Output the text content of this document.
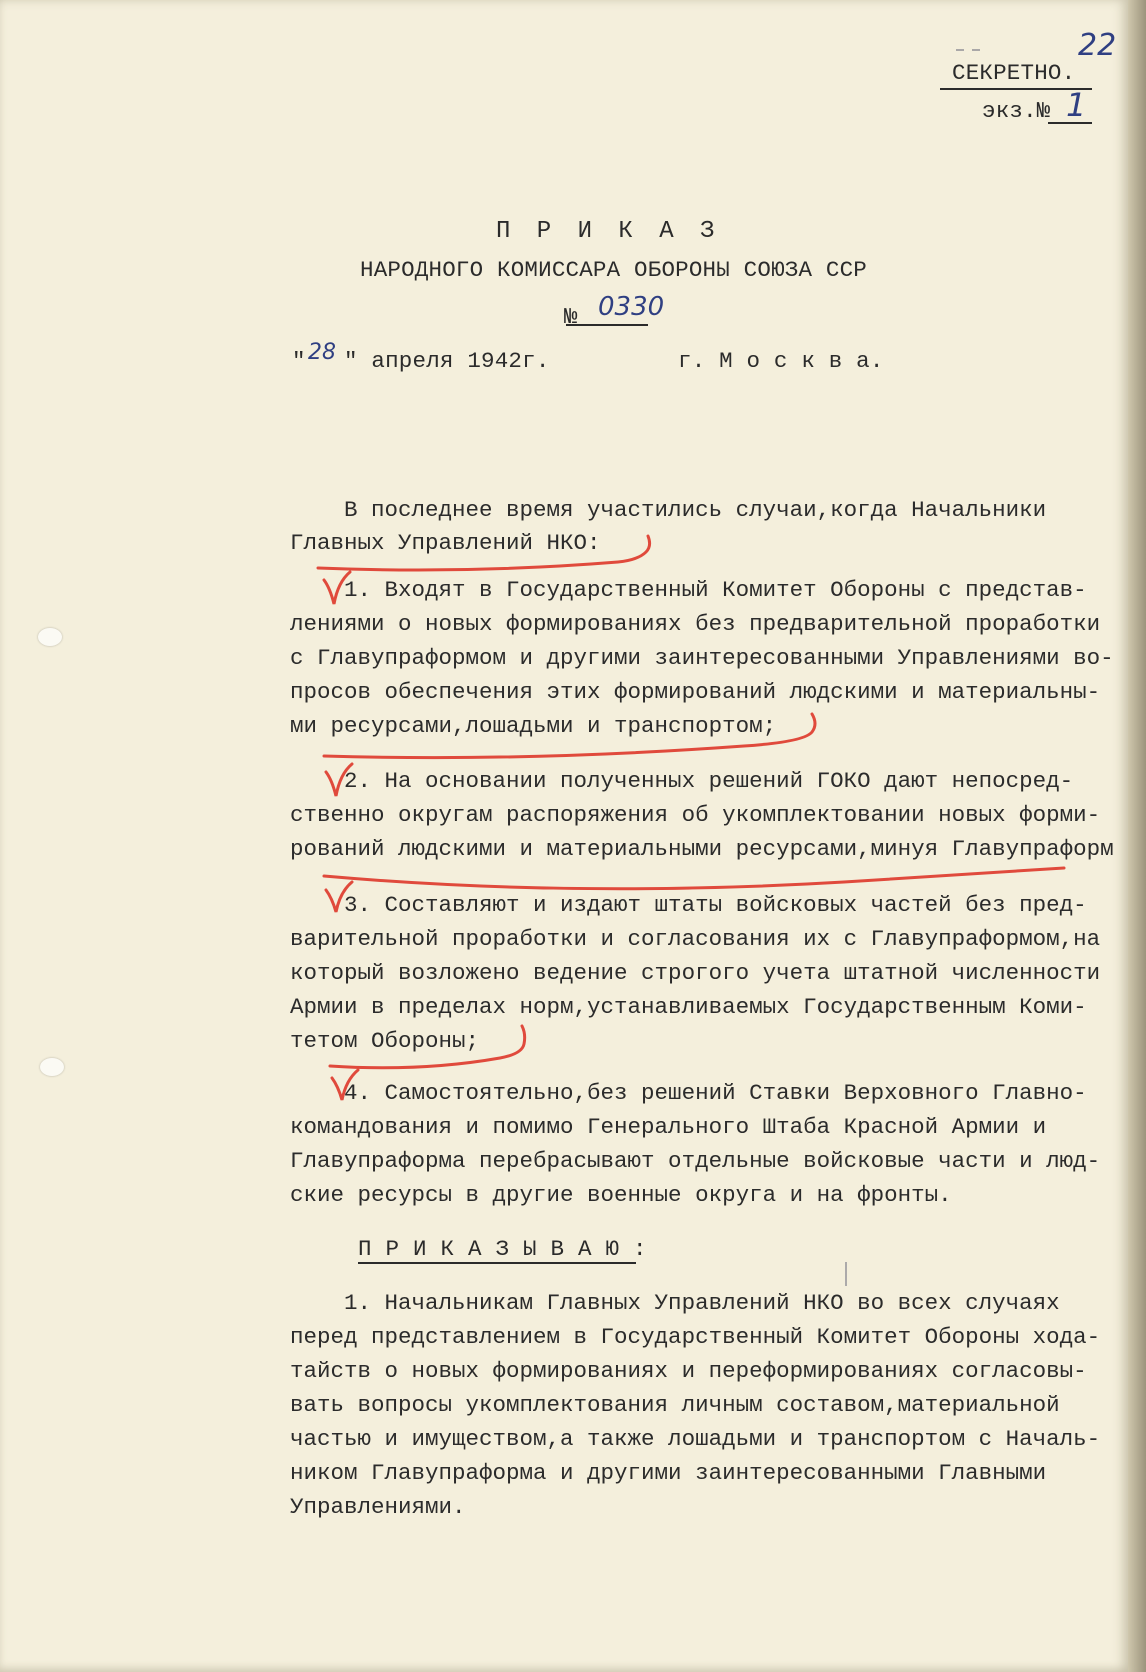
22
СЕКРЕТНО.
экз.№ 1
П Р И К А З
НАРОДНОГО КОМИССАРА ОБОРОНЫ СОЮЗА ССР
№ 0330
" 28 " апреля 1942г.	г. М о с к в а.
В последнее время участились случаи,когда Начальники
Главных Управлений НКО:
1. Входят в Государственный Комитет Обороны с представ-
лениями о новых формированиях без предварительной проработки
с Главупраформом и другими заинтересованными Управлениями во-
просов обеспечения этих формирований людскими и материальны-
ми ресурсами,лошадьми и транспортом;
2. На основании полученных решений ГОКО дают непосред-
ственно округам распоряжения об укомплектовании новых форми-
рований людскими и материальными ресурсами,минуя Главупраформ
3. Составляют и издают штаты войсковых частей без пред-
варительной проработки и согласования их с Главупраформом,на
который возложено ведение строгого учета штатной численности
Армии в пределах норм,устанавливаемых Государственным Коми-
тетом Обороны;
4. Самостоятельно,без решений Ставки Верховного Главно-
командования и помимо Генерального Штаба Красной Армии и
Главупраформа перебрасывают отдельные войсковые части и люд-
ские ресурсы в другие военные округа и на фронты.
ПРИКАЗЫВАЮ:
1. Начальникам Главных Управлений НКО во всех случаях
перед представлением в Государственный Комитет Обороны хода-
тайств о новых формированиях и переформированиях согласовы-
вать вопросы укомплектования личным составом,материальной
частью и имуществом,а также лошадьми и транспортом с Началь-
ником Главупраформа и другими заинтересованными Главными
Управлениями.
